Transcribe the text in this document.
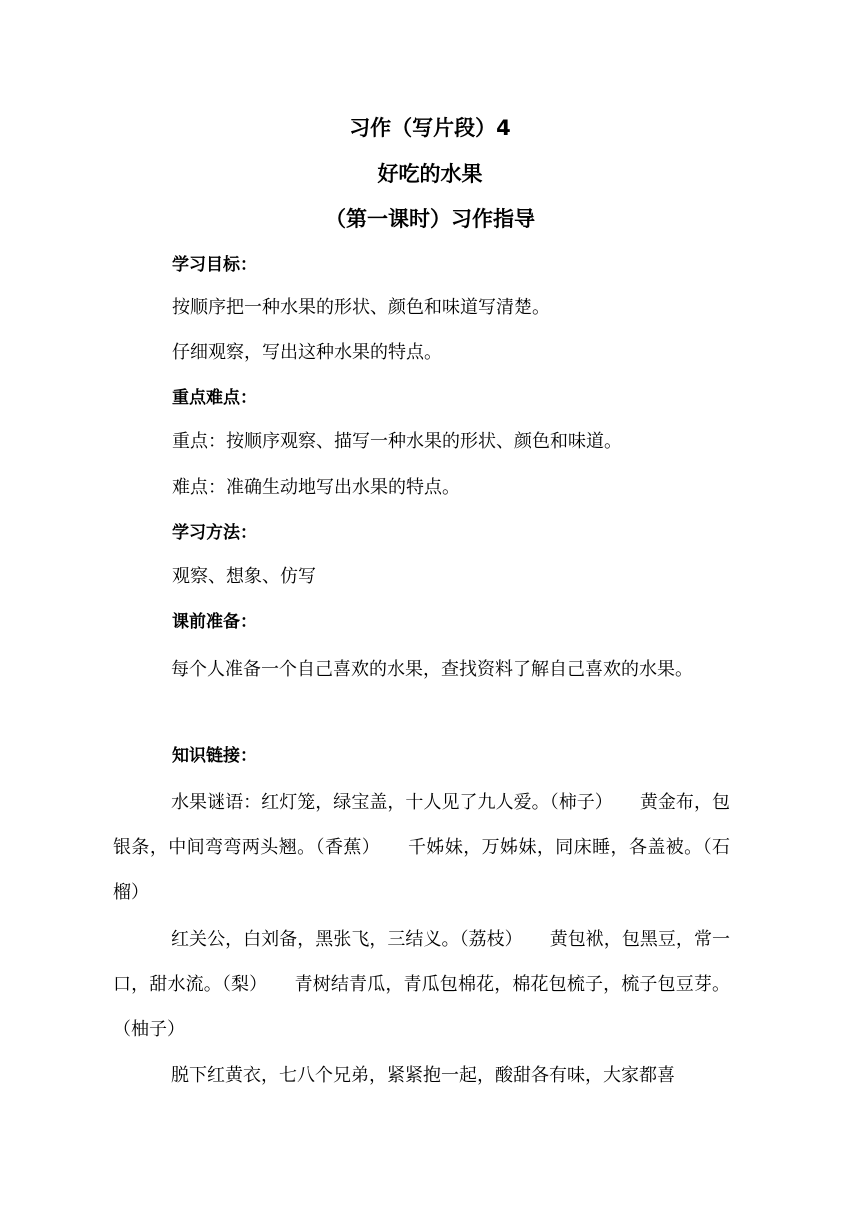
习作（写片段）4
好吃的水果
（第一课时）习作指导
学习目标：
按顺序把一种水果的形状、颜色和味道写清楚。
仔细观察，写出这种水果的特点。
重点难点：
重点：按顺序观察、描写一种水果的形状、颜色和味道。
难点：准确生动地写出水果的特点。
学习方法：
观察、想象、仿写
课前准备：
每个人准备一个自己喜欢的水果，查找资料了解自己喜欢的水果。
知识链接：
水果谜语：红灯笼，绿宝盖，十人见了九人爱。（柿子）　　黄金布，包银条，中间弯弯两头翘。（香蕉）　　千姊妹，万姊妹，同床睡，各盖被。（石榴）
红关公，白刘备，黑张飞，三结义。（荔枝）　　黄包袱，包黑豆，常一口，甜水流。（梨）　　青树结青瓜，青瓜包棉花，棉花包梳子，梳子包豆芽。（柚子）
脱下红黄衣，七八个兄弟，紧紧抱一起，酸甜各有味，大家都喜
